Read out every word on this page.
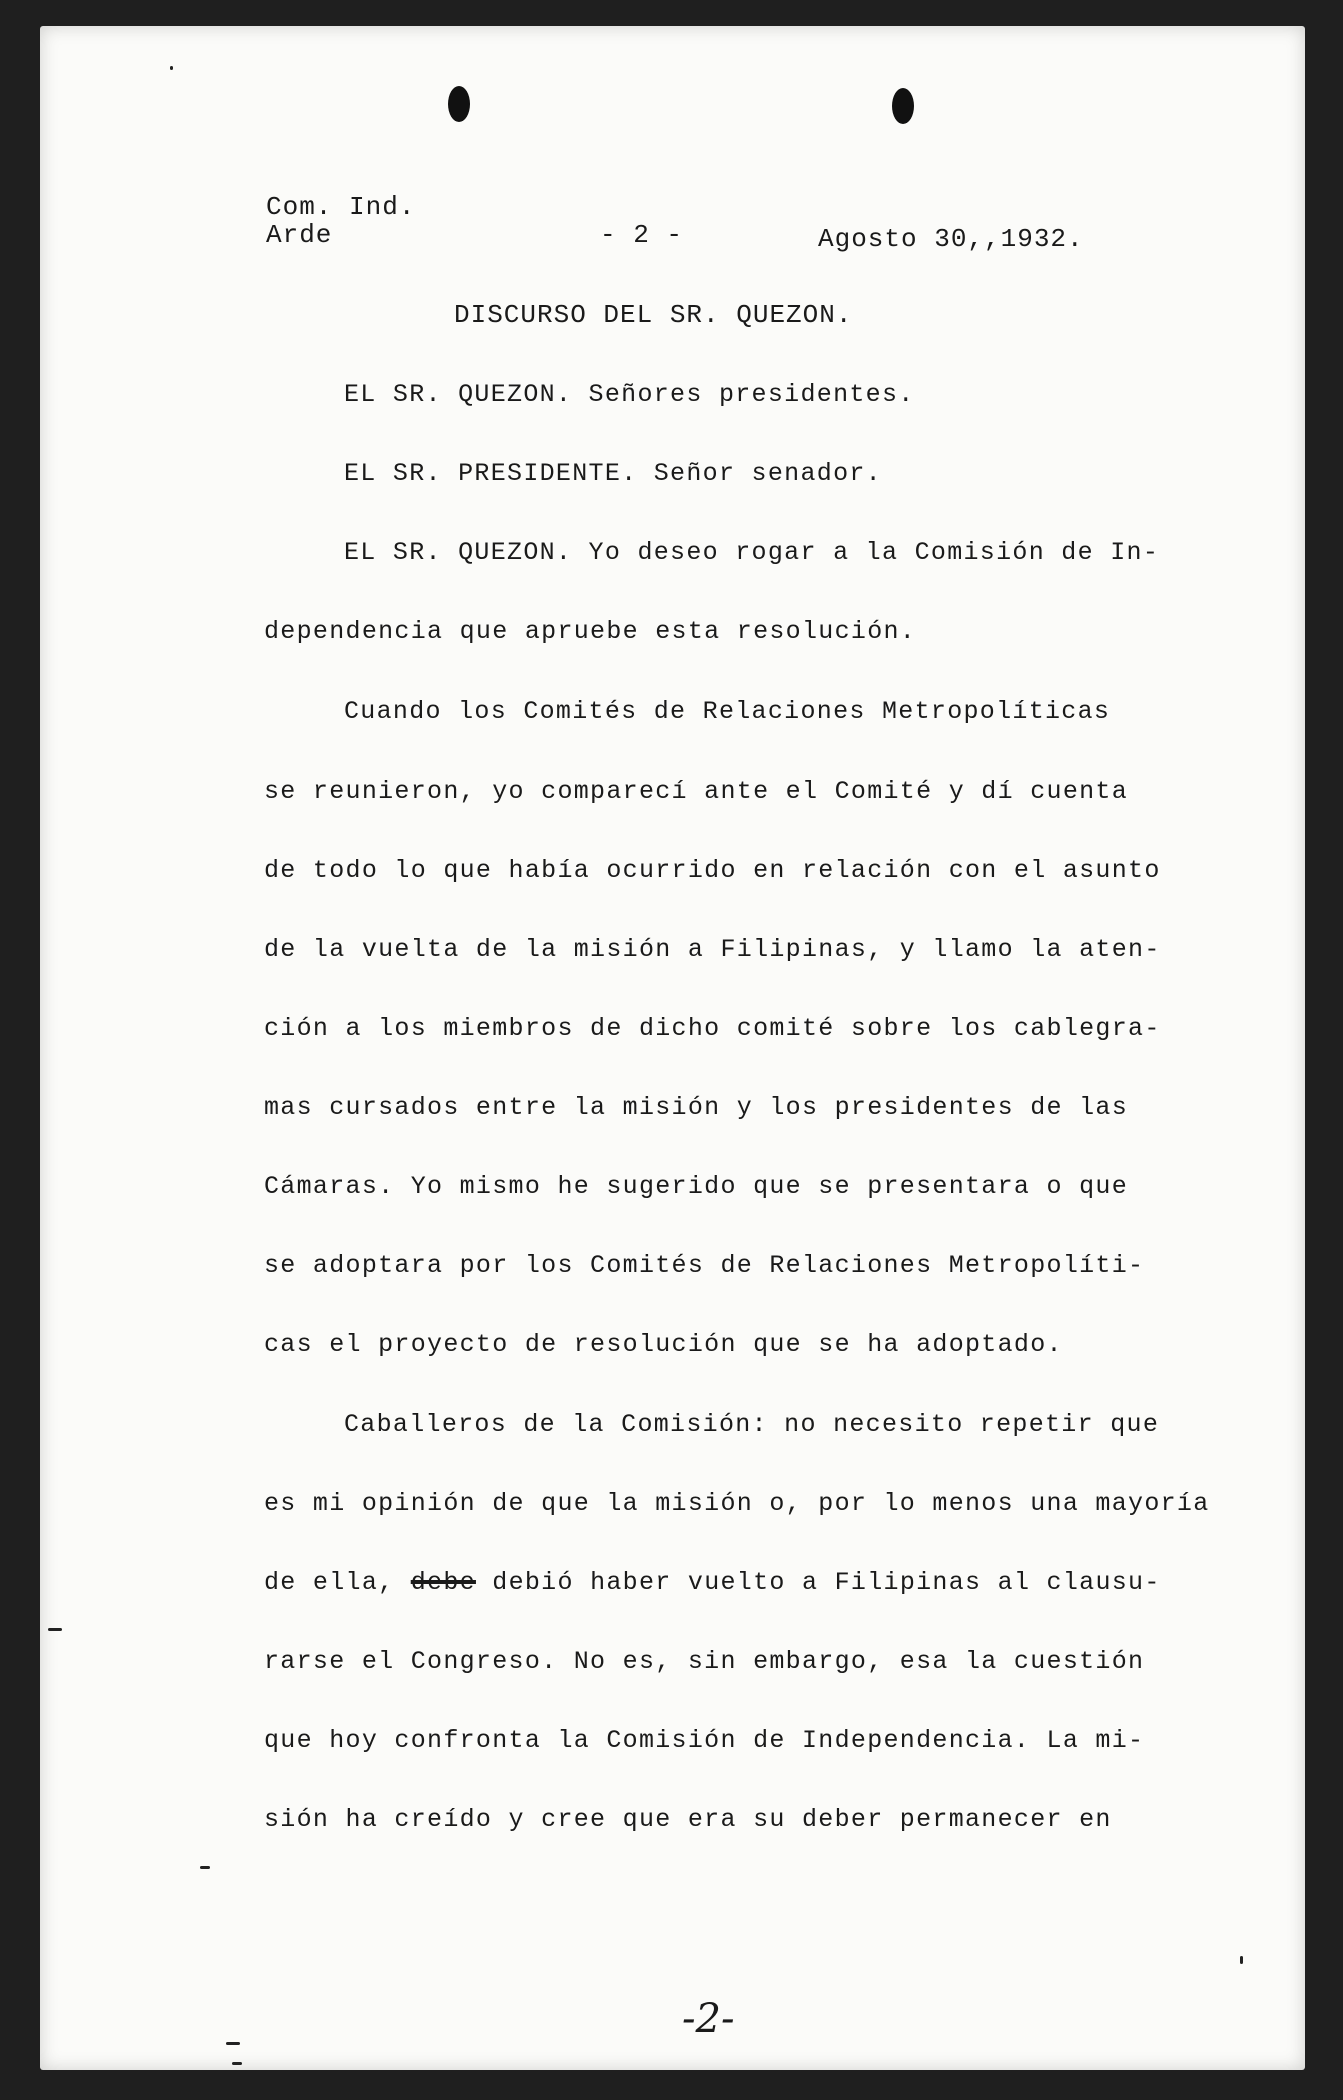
Com. Ind.
Arde	- 2 -	Agosto 30,,1932.
DISCURSO DEL SR. QUEZON.
EL SR. QUEZON. Señores presidentes.
EL SR. PRESIDENTE. Señor senador.
EL SR. QUEZON. Yo deseo rogar a la Comisión de In-
dependencia que apruebe esta resolución.
Cuando los Comités de Relaciones Metropolíticas
se reunieron, yo comparecí ante el Comité y dí cuenta
de todo lo que había ocurrido en relación con el asunto
de la vuelta de la misión a Filipinas, y llamo la aten-
ción a los miembros de dicho comité sobre los cablegra-
mas cursados entre la misión y los presidentes de las
Cámaras. Yo mismo he sugerido que se presentara o que
se adoptara por los Comités de Relaciones Metropolíti-
cas el proyecto de resolución que se ha adoptado.
Caballeros de la Comisión: no necesito repetir que
es mi opinión de que la misión o, por lo menos una mayoría
de ella, debe debió haber vuelto a Filipinas al clausu-
rarse el Congreso. No es, sin embargo, esa la cuestión
que hoy confronta la Comisión de Independencia. La mi-
sión ha creído y cree que era su deber permanecer en
-2-
